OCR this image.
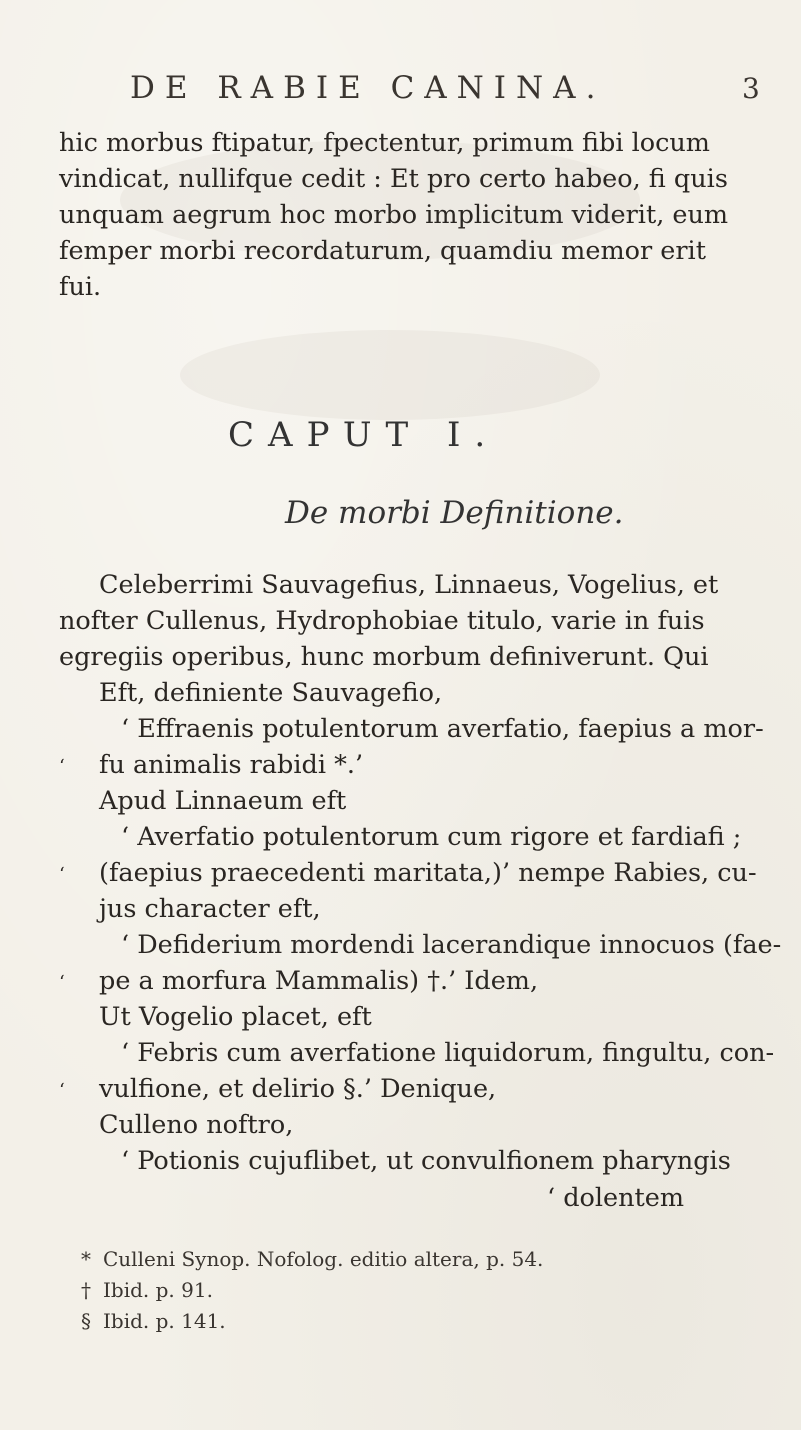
DE RABIE CANINA.	3
hic morbus ftipatur, fpectentur, primum fibi locum
vindicat, nullifque cedit : Et pro certo habeo, fi quis
unquam aegrum hoc morbo implicitum viderit, eum
femper morbi recordaturum, quamdiu memor erit
fui.
CAPUT I.
De morbi Definitione.
Celeberrimi Sauvagefius, Linnaeus, Vogelius, et
nofter Cullenus, Hydrophobiae titulo, varie in fuis
egregiis operibus, hunc morbum definiverunt. Qui
Eft, definiente Sauvagefio,
‘ Effraenis potulentorum averfatio, faepius a mor-
‘ fu animalis rabidi *.’
Apud Linnaeum eft
‘ Averfatio potulentorum cum rigore et fardiafi ;
‘ (faepius praecedenti maritata,)’ nempe Rabies, cu-
jus character eft,
‘ Defiderium mordendi lacerandique innocuos (fae-
‘ pe a morfura Mammalis) †.’ Idem,
Ut Vogelio placet, eft
‘ Febris cum averfatione liquidorum, fingultu, con-
‘ vulfione, et delirio §.’ Denique,
Culleno noftro,
‘ Potionis cujuflibet, ut convulfionem pharyngis
‘ dolentem
* Culleni Synop. Nofolog. editio altera, p. 54.
† Ibid. p. 91.
§ Ibid. p. 141.
